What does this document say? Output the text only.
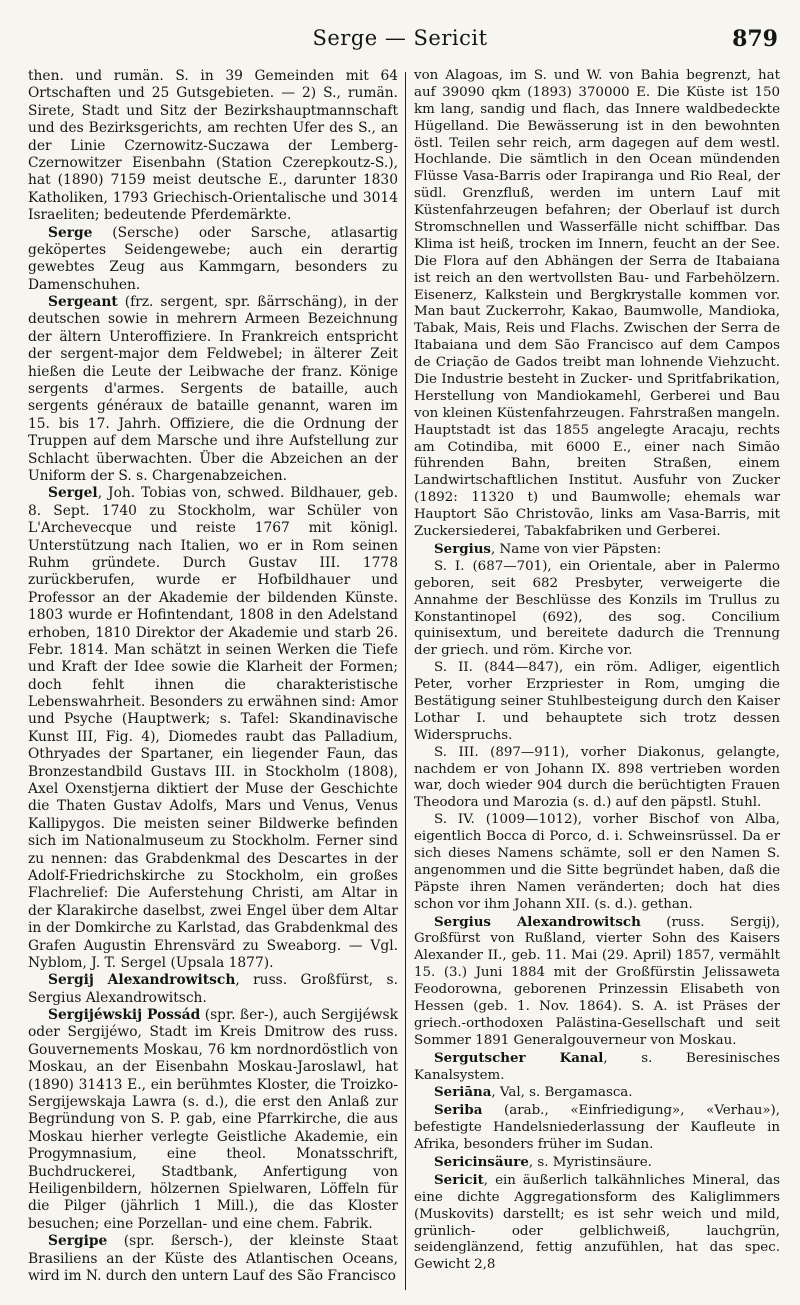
Serge — Sericit	879

then. und rumän. S. in 39 Gemeinden mit 64 Ortschaften und 25 Gutsgebieten. — 2) S., rumän. Sirete, Stadt und Sitz der Bezirkshauptmannschaft und des Bezirksgerichts, am rechten Ufer des S., an der Linie Czernowitz-Suczawa der Lemberg-Czernowitzer Eisenbahn (Station Czerepkoutz-S.), hat (1890) 7159 meist deutsche E., darunter 1830 Katholiken, 1793 Griechisch-Orientalische und 3014 Israeliten; bedeutende Pferdemärkte.

Serge (Sersche) oder Sarsche, atlasartig geköpertes Seidengewebe; auch ein derartig gewebtes Zeug aus Kammgarn, besonders zu Damenschuhen.

Sergeant (frz. sergent, spr. ßärrschäng), in der deutschen sowie in mehrern Armeen Bezeichnung der ältern Unteroffiziere. In Frankreich entspricht der sergent-major dem Feldwebel; in älterer Zeit hießen die Leute der Leibwache der franz. Könige sergents d'armes. Sergents de bataille, auch sergents généraux de bataille genannt, waren im 15. bis 17. Jahrh. Offiziere, die die Ordnung der Truppen auf dem Marsche und ihre Aufstellung zur Schlacht überwachten. Über die Abzeichen an der Uniform der S. s. Chargenabzeichen.

Sergel, Joh. Tobias von, schwed. Bildhauer, geb. 8. Sept. 1740 zu Stockholm, war Schüler von L'Archevecque und reiste 1767 mit königl. Unterstützung nach Italien, wo er in Rom seinen Ruhm gründete. Durch Gustav III. 1778 zurückberufen, wurde er Hofbildhauer und Professor an der Akademie der bildenden Künste. 1803 wurde er Hofintendant, 1808 in den Adelstand erhoben, 1810 Direktor der Akademie und starb 26. Febr. 1814. Man schätzt in seinen Werken die Tiefe und Kraft der Idee sowie die Klarheit der Formen; doch fehlt ihnen die charakteristische Lebenswahrheit. Besonders zu erwähnen sind: Amor und Psyche (Hauptwerk; s. Tafel: Skandinavische Kunst III, Fig. 4), Diomedes raubt das Palladium, Othryades der Spartaner, ein liegender Faun, das Bronzestandbild Gustavs III. in Stockholm (1808), Axel Oxenstjerna diktiert der Muse der Geschichte die Thaten Gustav Adolfs, Mars und Venus, Venus Kallipygos. Die meisten seiner Bildwerke befinden sich im Nationalmuseum zu Stockholm. Ferner sind zu nennen: das Grabdenkmal des Descartes in der Adolf-Friedrichskirche zu Stockholm, ein großes Flachrelief: Die Auferstehung Christi, am Altar in der Klarakirche daselbst, zwei Engel über dem Altar in der Domkirche zu Karlstad, das Grabdenkmal des Grafen Augustin Ehrensvärd zu Sweaborg. — Vgl. Nyblom, J. T. Sergel (Upsala 1877).

Sergij Alexandrowitsch, russ. Großfürst, s. Sergius Alexandrowitsch.

Sergijéwskij Possád (spr. ßer-), auch Sergijéwsk oder Sergijéwo, Stadt im Kreis Dmitrow des russ. Gouvernements Moskau, 76 km nordnordöstlich von Moskau, an der Eisenbahn Moskau-Jaroslawl, hat (1890) 31413 E., ein berühmtes Kloster, die Troizko-Sergijewskaja Lawra (s. d.), die erst den Anlaß zur Begründung von S. P. gab, eine Pfarrkirche, die aus Moskau hierher verlegte Geistliche Akademie, ein Progymnasium, eine theol. Monatsschrift, Buchdruckerei, Stadtbank, Anfertigung von Heiligenbildern, hölzernen Spielwaren, Löffeln für die Pilger (jährlich 1 Mill.), die das Kloster besuchen; eine Porzellan- und eine chem. Fabrik.

Sergipe (spr. ßersch-), der kleinste Staat Brasiliens an der Küste des Atlantischen Oceans, wird im N. durch den untern Lauf des São Francisco

von Alagoas, im S. und W. von Bahia begrenzt, hat auf 39090 qkm (1893) 370000 E. Die Küste ist 150 km lang, sandig und flach, das Innere waldbedeckte Hügelland. Die Bewässerung ist in den bewohnten östl. Teilen sehr reich, arm dagegen auf dem westl. Hochlande. Die sämtlich in den Ocean mündenden Flüsse Vasa-Barris oder Irapiranga und Rio Real, der südl. Grenzfluß, werden im untern Lauf mit Küstenfahrzeugen befahren; der Oberlauf ist durch Stromschnellen und Wasserfälle nicht schiffbar. Das Klima ist heiß, trocken im Innern, feucht an der See. Die Flora auf den Abhängen der Serra de Itabaiana ist reich an den wertvollsten Bau- und Farbehölzern. Eisenerz, Kalkstein und Bergkrystalle kommen vor. Man baut Zuckerrohr, Kakao, Baumwolle, Mandioka, Tabak, Mais, Reis und Flachs. Zwischen der Serra de Itabaiana und dem São Francisco auf dem Campos de Criação de Gados treibt man lohnende Viehzucht. Die Industrie besteht in Zucker- und Spritfabrikation, Herstellung von Mandiokamehl, Gerberei und Bau von kleinen Küstenfahrzeugen. Fahrstraßen mangeln. Hauptstadt ist das 1855 angelegte Aracaju, rechts am Cotindiba, mit 6000 E., einer nach Simão führenden Bahn, breiten Straßen, einem Landwirtschaftlichen Institut. Ausfuhr von Zucker (1892: 11320 t) und Baumwolle; ehemals war Hauptort São Christovão, links am Vasa-Barris, mit Zuckersiederei, Tabakfabriken und Gerberei.

Sergius, Name von vier Päpsten:

S. I. (687—701), ein Orientale, aber in Palermo geboren, seit 682 Presbyter, verweigerte die Annahme der Beschlüsse des Konzils im Trullus zu Konstantinopel (692), des sog. Concilium quinisextum, und bereitete dadurch die Trennung der griech. und röm. Kirche vor.

S. II. (844—847), ein röm. Adliger, eigentlich Peter, vorher Erzpriester in Rom, umging die Bestätigung seiner Stuhlbesteigung durch den Kaiser Lothar I. und behauptete sich trotz dessen Widerspruchs.

S. III. (897—911), vorher Diakonus, gelangte, nachdem er von Johann IX. 898 vertrieben worden war, doch wieder 904 durch die berüchtigten Frauen Theodora und Marozia (s. d.) auf den päpstl. Stuhl.

S. IV. (1009—1012), vorher Bischof von Alba, eigentlich Bocca di Porco, d. i. Schweinsrüssel. Da er sich dieses Namens schämte, soll er den Namen S. angenommen und die Sitte begründet haben, daß die Päpste ihren Namen veränderten; doch hat dies schon vor ihm Johann XII. (s. d.). gethan.

Sergius Alexandrowitsch (russ. Sergij), Großfürst von Rußland, vierter Sohn des Kaisers Alexander II., geb. 11. Mai (29. April) 1857, vermählt 15. (3.) Juni 1884 mit der Großfürstin Jelissaweta Feodorowna, geborenen Prinzessin Elisabeth von Hessen (geb. 1. Nov. 1864). S. A. ist Präses der griech.-orthodoxen Palästina-Gesellschaft und seit Sommer 1891 Generalgouverneur von Moskau.

Sergutscher Kanal, s. Beresinisches Kanalsystem.

Seriāna, Val, s. Bergamasca.

Seriba (arab., «Einfriedigung», «Verhau»), befestigte Handelsniederlassung der Kaufleute in Afrika, besonders früher im Sudan.

Sericinsäure, s. Myristinsäure.

Sericit, ein äußerlich talkähnliches Mineral, das eine dichte Aggregationsform des Kaliglimmers (Muskovits) darstellt; es ist sehr weich und mild, grünlich- oder gelblichweiß, lauchgrün, seidenglänzend, fettig anzufühlen, hat das spec. Gewicht 2,8
